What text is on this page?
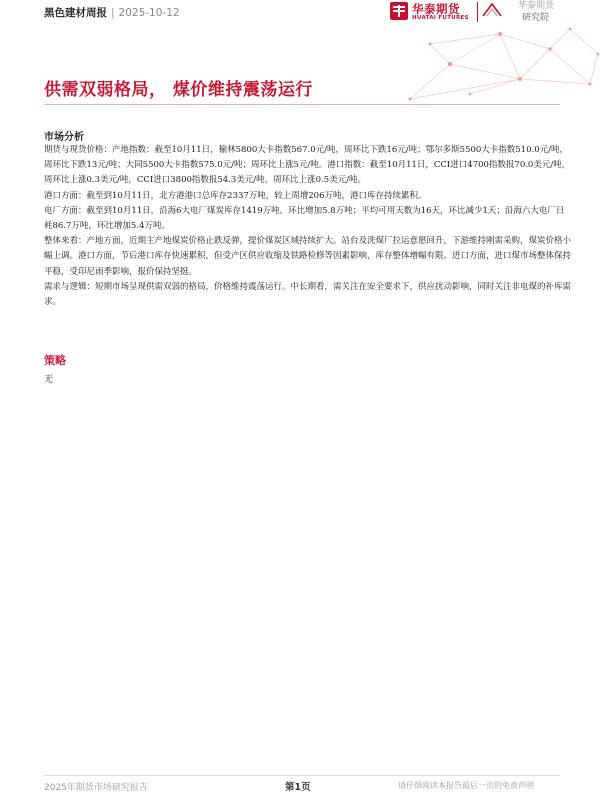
黑色建材周报 | 2025-10-12	华泰期货
HUATAI FUTURES
华泰期货
研究院
供需双弱格局， 煤价维持震荡运行
市场分析

期货与现货价格：产地指数：截至10月11日，榆林5800大卡指数567.0元/吨，周环比下跌16元/吨；鄂尔多斯5500大卡指数510.0元/吨，周环比下跌13元/吨；大同5500大卡指数575.0元/吨；周环比上涨5元/吨。港口指数：截至10月11日，CCI进口4700指数报70.0美元/吨，周环比上涨0.3美元/吨，CCI进口3800指数报54.3美元/吨，周环比上涨0.5美元/吨。

港口方面：截至到10月11日，北方港港口总库存2337万吨，较上周增206万吨，港口库存持续累积。

电厂方面：截至到10月11日，沿海6大电厂煤炭库存1419万吨，环比增加5.8万吨；平均可用天数为16天，环比减少1天；沿海六大电厂日耗86.7万吨，环比增加5.4万吨。

整体来看：产地方面，近期主产地煤炭价格止跌反弹，提价煤炭区域持续扩大。站台及洗煤厂拉运意愿回升，下游维持刚需采购，煤炭价格小幅上调。港口方面，节后港口库存快速累积，但受产区供应收缩及铁路检修等因素影响，库存整体增幅有限。进口方面，进口煤市场整体保持平稳，受印尼雨季影响，报价保持坚挺。

需求与逻辑：短期市场呈现供需双弱的格局，价格维持震荡运行。中长期看，需关注在安全要求下，供应扰动影响，同时关注非电煤的补库需求。

策略
无
2025年期货市场研究报告	第1页	请仔细阅读本报告最后一页的免责声明
